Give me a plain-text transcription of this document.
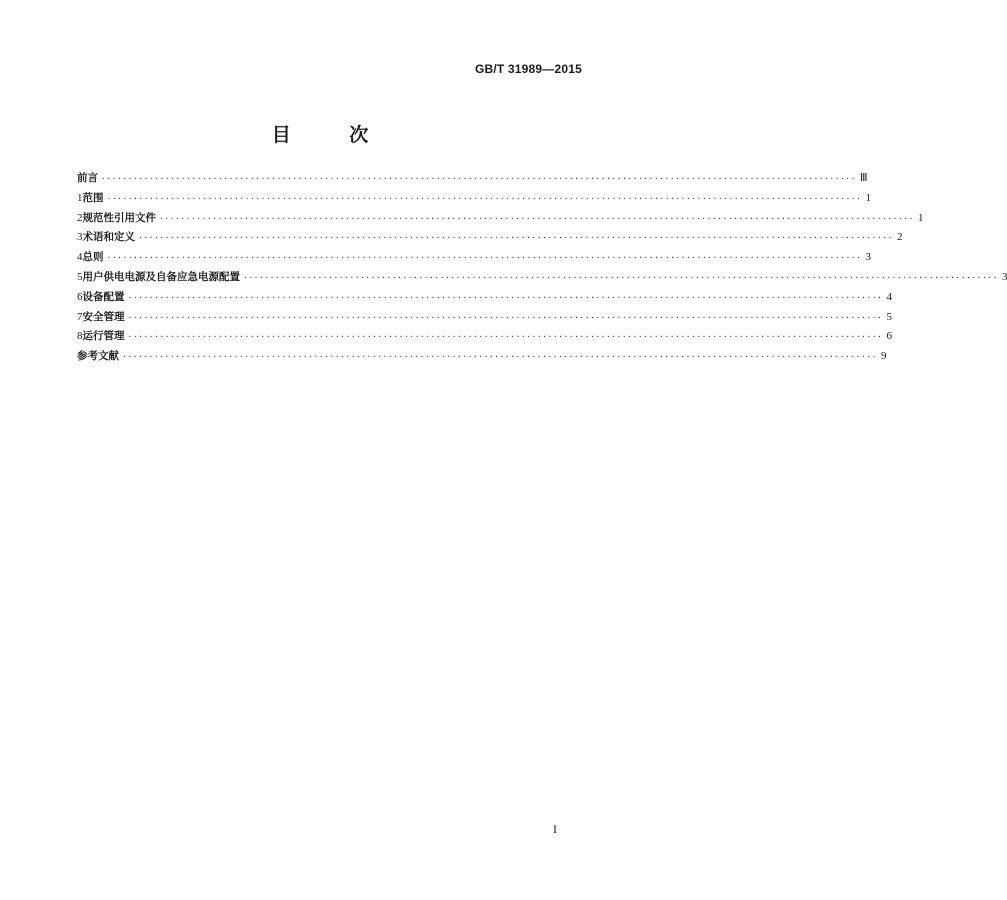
GB/T 31989—2015
目 次
前言 ·············································································································································· Ⅲ
1 范围 ·············································································································································· 1
2 规范性引用文件 ·············································································································································· 1
3 术语和定义 ·············································································································································· 2
4 总则 ·············································································································································· 3
5 用户供电电源及自备应急电源配置 ·············································································································································· 3
6 设备配置 ·············································································································································· 4
7 安全管理 ·············································································································································· 5
8 运行管理 ·············································································································································· 6
参考文献 ·············································································································································· 9
I
